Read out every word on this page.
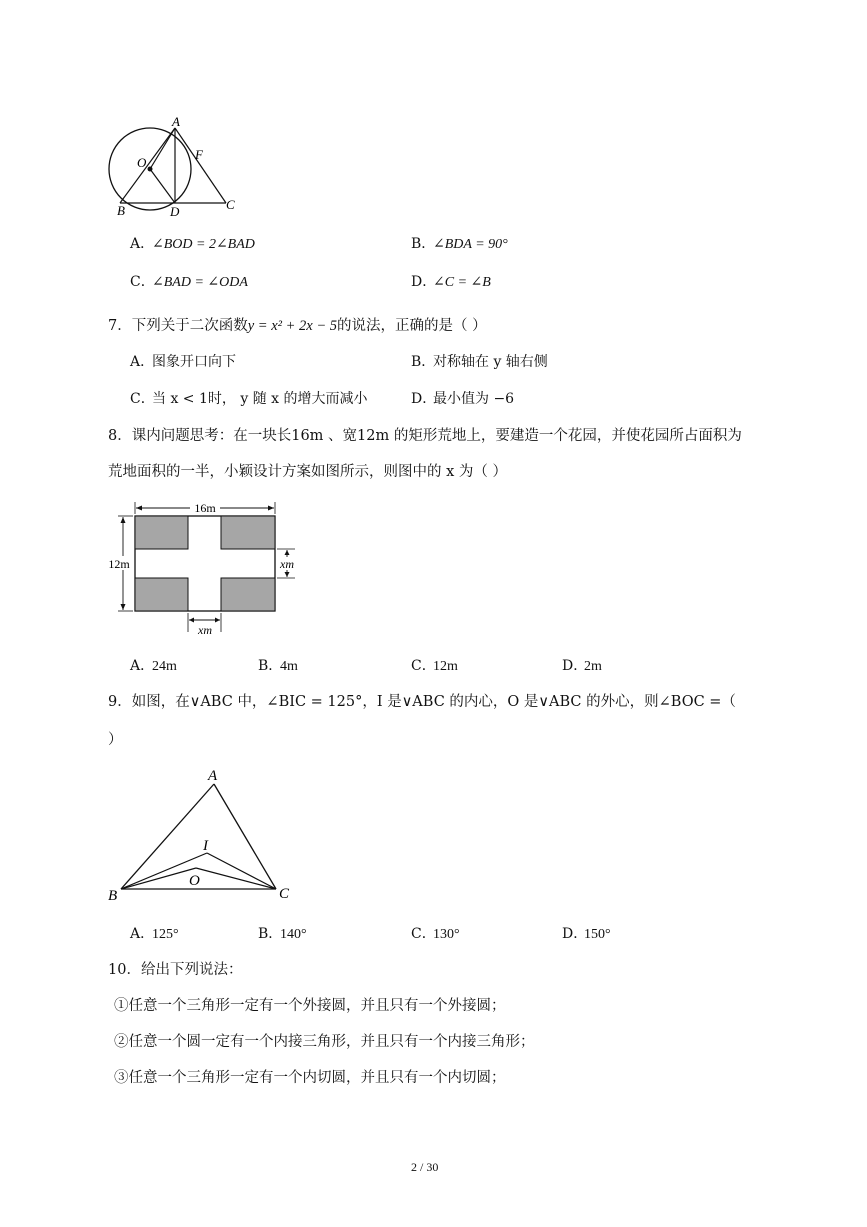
A
O
F
B	D	C
A．∠BOD = 2∠BAD	B．∠BDA = 90°
C．∠BAD = ∠ODA	D．∠C = ∠B
7．下列关于二次函数y = x² + 2x − 5的说法，正确的是（ ）
A．图象开口向下	B．对称轴在 y 轴右侧
C．当 x < 1时， y 随 x 的增大而减小	D．最小值为 −6
8．课内问题思考：在一块长16m 、宽12m 的矩形荒地上，要建造一个花园，并使花园所占面积为
荒地面积的一半，小颖设计方案如图所示，则图中的 x 为（ ）
16m
12m	xm
xm
A．24m	B．4m	C．12m	D．2m
9．如图，在∨ABC 中，∠BIC = 125°，I 是∨ABC 的内心，O 是∨ABC 的外心，则∠BOC =（
）
A
I
O
B	C
A．125°	B．140°	C．130°	D．150°
10．给出下列说法：
①任意一个三角形一定有一个外接圆，并且只有一个外接圆；
②任意一个圆一定有一个内接三角形，并且只有一个内接三角形；
③任意一个三角形一定有一个内切圆，并且只有一个内切圆；
2 / 30
